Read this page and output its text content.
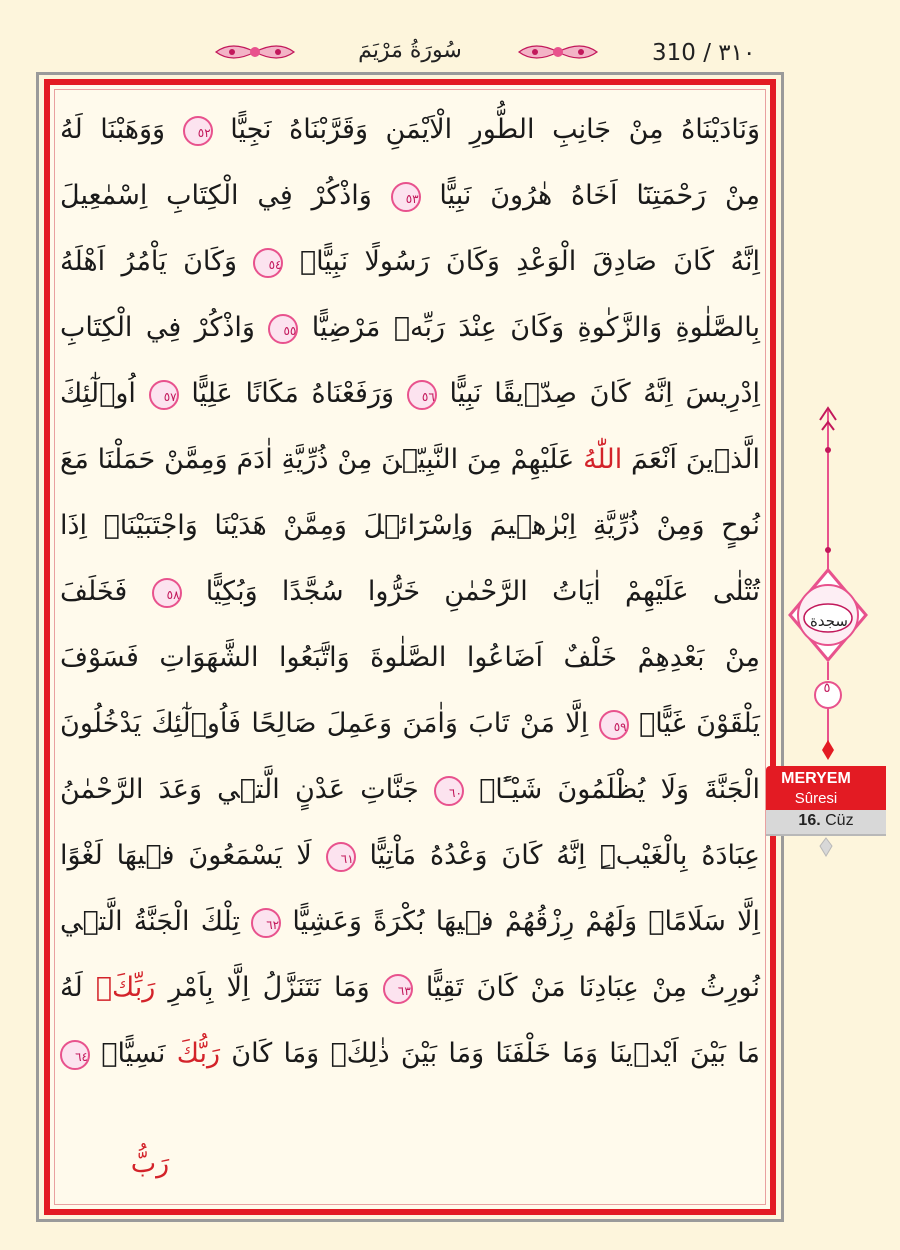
سُورَةُ مَرْيَمَ	310 / ٣١٠
وَنَادَيْنَاهُ مِنْ جَانِبِ الطُّورِ الْاَيْمَنِ وَقَرَّبْنَاهُ نَجِيًّا ٥٢ وَوَهَبْنَا لَهُ
مِنْ رَحْمَتِنَٓا اَخَاهُ هٰرُونَ نَبِيًّا ٥٣ وَاذْكُرْ فِي الْكِتَابِ اِسْمٰعِيلَ
اِنَّهُ كَانَ صَادِقَ الْوَعْدِ وَكَانَ رَسُولًا نَبِيًّاۚ ٥٤ وَكَانَ يَاْمُرُ اَهْلَهُ
بِالصَّلٰوةِ وَالزَّكٰوةِ وَكَانَ عِنْدَ رَبِّه۪ مَرْضِيًّا ٥٥ وَاذْكُرْ فِي الْكِتَابِ
اِدْرِيسَ اِنَّهُ كَانَ صِدّ۪يقًا نَبِيًّا ٥٦ وَرَفَعْنَاهُ مَكَانًا عَلِيًّا ٥٧ اُو۬لٰٓئِكَ
الَّذ۪ينَ اَنْعَمَ اللّٰهُ عَلَيْهِمْ مِنَ النَّبِيّ۪نَ مِنْ ذُرِّيَّةِ اٰدَمَ وَمِمَّنْ حَمَلْنَا مَعَ
نُوحٍ وَمِنْ ذُرِّيَّةِ اِبْرٰه۪يمَ وَاِسْرَٓائ۪لَ وَمِمَّنْ هَدَيْنَا وَاجْتَبَيْنَاۜ اِذَا
تُتْلٰى عَلَيْهِمْ اٰيَاتُ الرَّحْمٰنِ خَرُّوا سُجَّدًا وَبُكِيًّا ٥٨ فَخَلَفَ
مِنْ بَعْدِهِمْ خَلْفٌ اَضَاعُوا الصَّلٰوةَ وَاتَّبَعُوا الشَّهَوَاتِ فَسَوْفَ
يَلْقَوْنَ غَيًّاۙ ٥٩ اِلَّا مَنْ تَابَ وَاٰمَنَ وَعَمِلَ صَالِحًا فَاُو۬لٰٓئِكَ يَدْخُلُونَ
الْجَنَّةَ وَلَا يُظْلَمُونَ شَيْـًٔاۙ ٦٠ جَنَّاتِ عَدْنٍ الَّت۪ي وَعَدَ الرَّحْمٰنُ
عِبَادَهُ بِالْغَيْبِۜ اِنَّهُ كَانَ وَعْدُهُ مَاْتِيًّا ٦١ لَا يَسْمَعُونَ ف۪يهَا لَغْوًا
اِلَّا سَلَامًاۜ وَلَهُمْ رِزْقُهُمْ ف۪يهَا بُكْرَةً وَعَشِيًّا ٦٢ تِلْكَ الْجَنَّةُ الَّت۪ي
نُورِثُ مِنْ عِبَادِنَا مَنْ كَانَ تَقِيًّا ٦٣ وَمَا نَتَنَزَّلُ اِلَّا بِاَمْرِ رَبِّكَۚ لَهُ
مَا بَيْنَ اَيْد۪ينَا وَمَا خَلْفَنَا وَمَا بَيْنَ ذٰلِكَۚ وَمَا كَانَ رَبُّكَ نَسِيًّاۚ ٦٤
رَبُّ
سجدة
٥
MERYEM
Sûresi
16. Cüz
